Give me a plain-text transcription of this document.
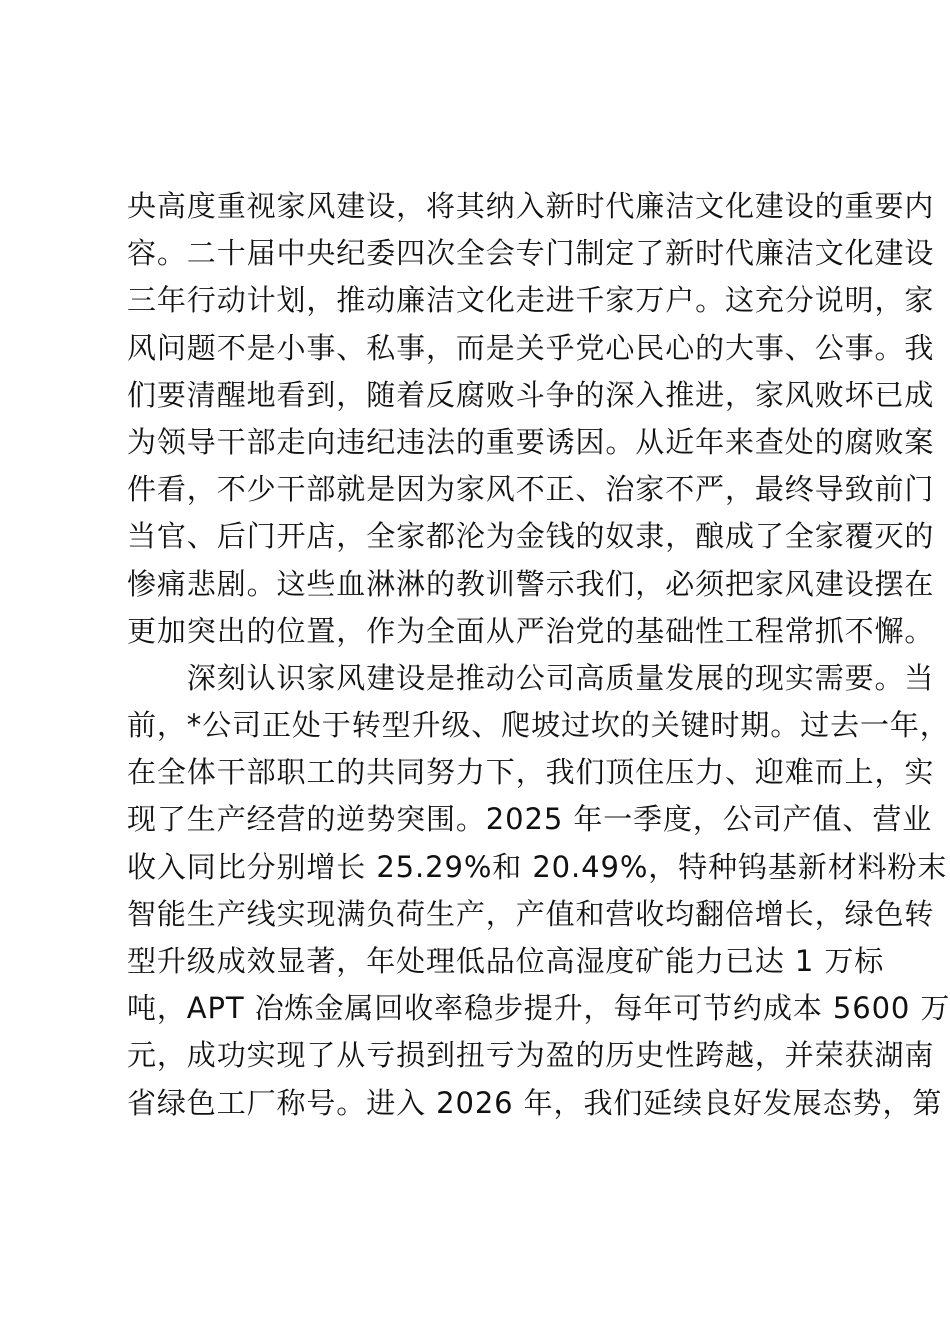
央高度重视家风建设，将其纳入新时代廉洁文化建设的重要内
容。二十届中央纪委四次全会专门制定了新时代廉洁文化建设
三年行动计划，推动廉洁文化走进千家万户。这充分说明，家
风问题不是小事、私事，而是关乎党心民心的大事、公事。我
们要清醒地看到，随着反腐败斗争的深入推进，家风败坏已成
为领导干部走向违纪违法的重要诱因。从近年来查处的腐败案
件看，不少干部就是因为家风不正、治家不严，最终导致前门
当官、后门开店，全家都沦为金钱的奴隶，酿成了全家覆灭的
惨痛悲剧。这些血淋淋的教训警示我们，必须把家风建设摆在
更加突出的位置，作为全面从严治党的基础性工程常抓不懈。
　　深刻认识家风建设是推动公司高质量发展的现实需要。当
前，*公司正处于转型升级、爬坡过坎的关键时期。过去一年，
在全体干部职工的共同努力下，我们顶住压力、迎难而上，实
现了生产经营的逆势突围。2025 年一季度，公司产值、营业
收入同比分别增长 25.29%和 20.49%，特种钨基新材料粉末
智能生产线实现满负荷生产，产值和营收均翻倍增长，绿色转
型升级成效显著，年处理低品位高湿度矿能力已达 1 万标
吨，APT 冶炼金属回收率稳步提升，每年可节约成本 5600 万
元，成功实现了从亏损到扭亏为盈的历史性跨越，并荣获湖南
省绿色工厂称号。进入 2026 年，我们延续良好发展态势，第
